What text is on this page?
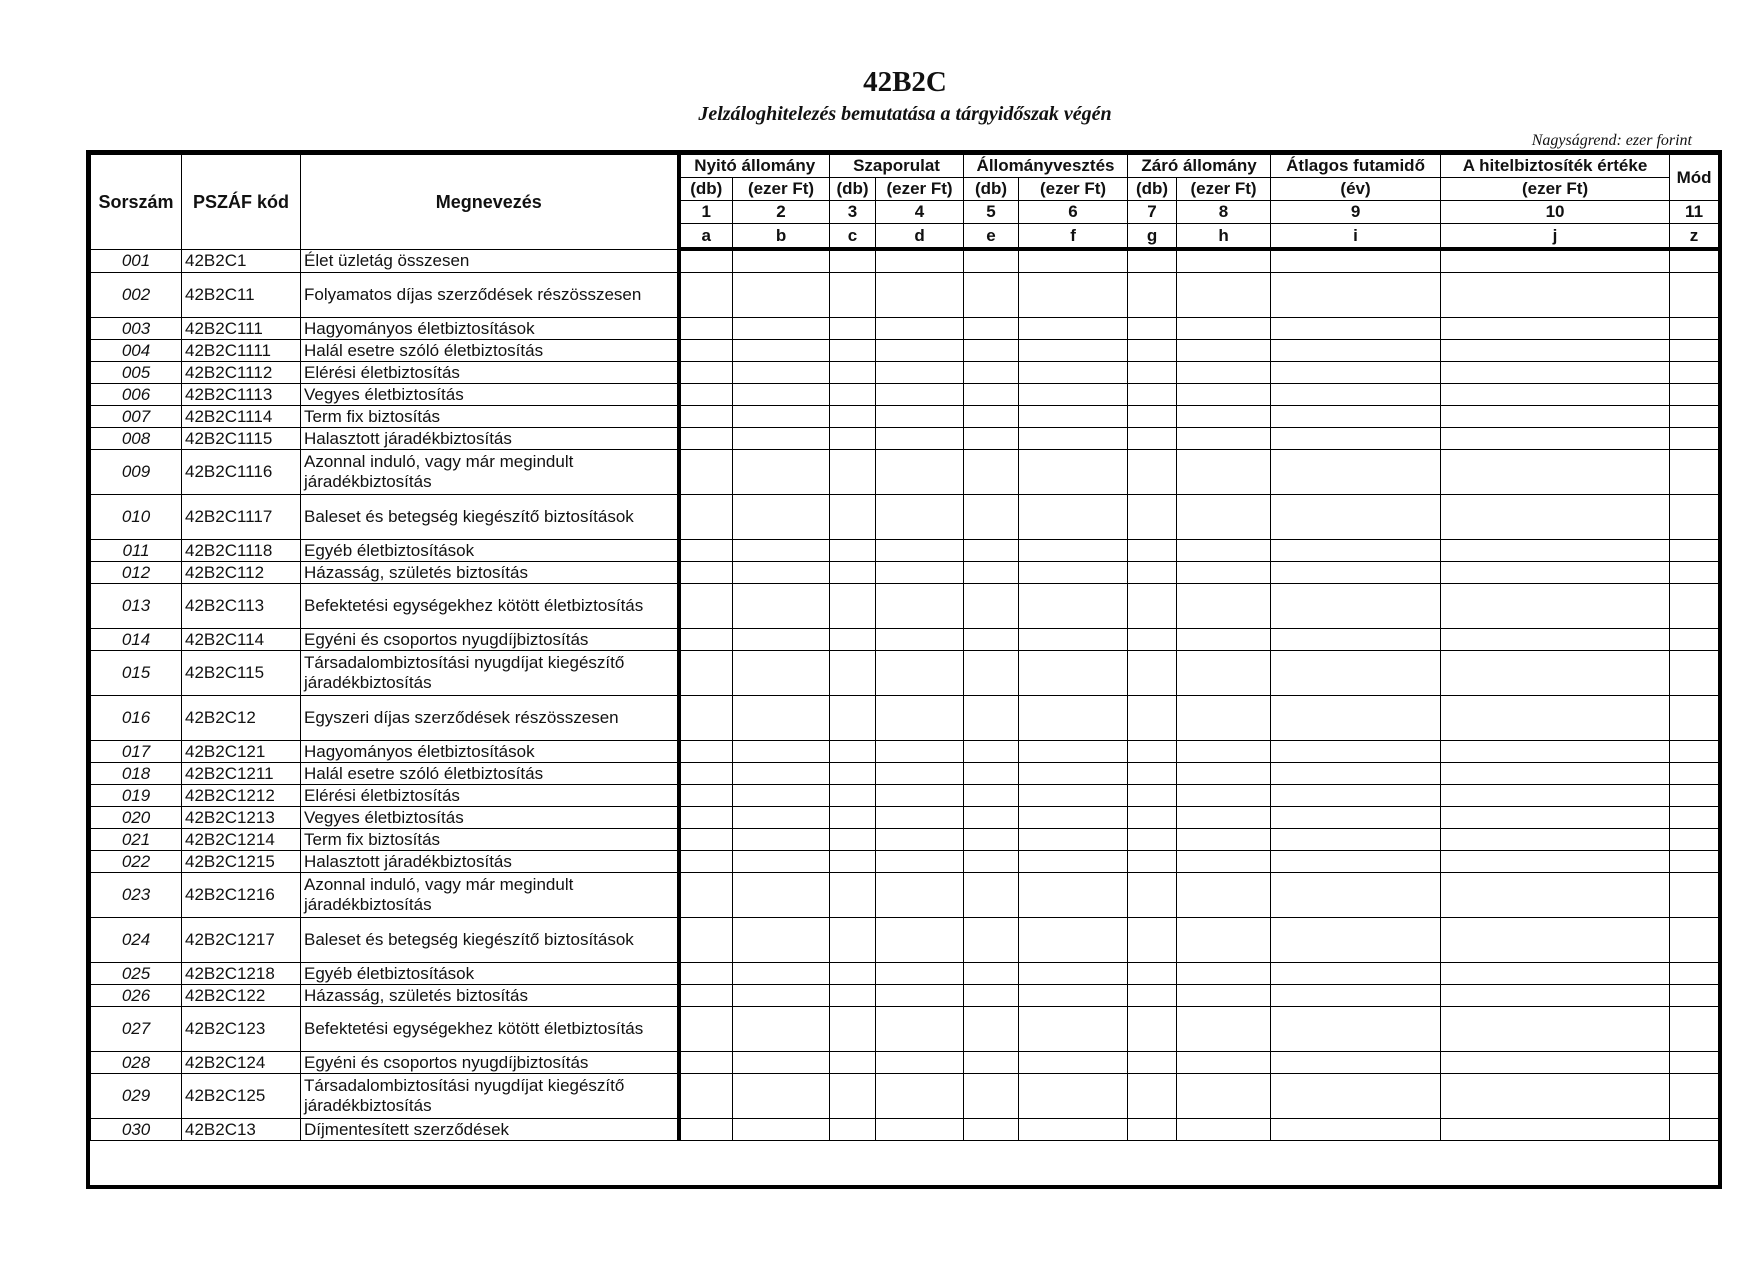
42B2C
Jelzáloghitelezés bemutatása a tárgyidőszak végén
Nagyságrend: ezer forint
Sorszám	PSZÁF kód	Megnevezés	Nyitó állomány		Szaporulat		Állományvesztés		Záró állomány		Átlagos futamidő	A hitelbiztosíték értéke	Mód
			(db)	(ezer Ft)	(db)	(ezer Ft)	(db)	(ezer Ft)	(db)	(ezer Ft)	(év)	(ezer Ft)	
			1	2	3	4	5	6	7	8	9	10	11
			a	b	c	d	e	f	g	h	i	j	z
001	42B2C1	Élet üzletág összesen											
002	42B2C11	Folyamatos díjas szerződések részösszesen											
003	42B2C111	Hagyományos életbiztosítások											
004	42B2C1111	Halál esetre szóló életbiztosítás											
005	42B2C1112	Elérési életbiztosítás											
006	42B2C1113	Vegyes életbiztosítás											
007	42B2C1114	Term fix biztosítás											
008	42B2C1115	Halasztott járadékbiztosítás											
009	42B2C1116	Azonnal induló, vagy már megindult járadékbiztosítás											
010	42B2C1117	Baleset és betegség kiegészítő biztosítások											
011	42B2C1118	Egyéb életbiztosítások											
012	42B2C112	Házasság, születés biztosítás											
013	42B2C113	Befektetési egységekhez kötött életbiztosítás											
014	42B2C114	Egyéni és csoportos nyugdíjbiztosítás											
015	42B2C115	Társadalombiztosítási nyugdíjat kiegészítő járadékbiztosítás											
016	42B2C12	Egyszeri díjas szerződések részösszesen											
017	42B2C121	Hagyományos életbiztosítások											
018	42B2C1211	Halál esetre szóló életbiztosítás											
019	42B2C1212	Elérési életbiztosítás											
020	42B2C1213	Vegyes életbiztosítás											
021	42B2C1214	Term fix biztosítás											
022	42B2C1215	Halasztott járadékbiztosítás											
023	42B2C1216	Azonnal induló, vagy már megindult járadékbiztosítás											
024	42B2C1217	Baleset és betegség kiegészítő biztosítások											
025	42B2C1218	Egyéb életbiztosítások											
026	42B2C122	Házasság, születés biztosítás											
027	42B2C123	Befektetési egységekhez kötött életbiztosítás											
028	42B2C124	Egyéni és csoportos nyugdíjbiztosítás											
029	42B2C125	Társadalombiztosítási nyugdíjat kiegészítő járadékbiztosítás											
030	42B2C13	Díjmentesített szerződések											
